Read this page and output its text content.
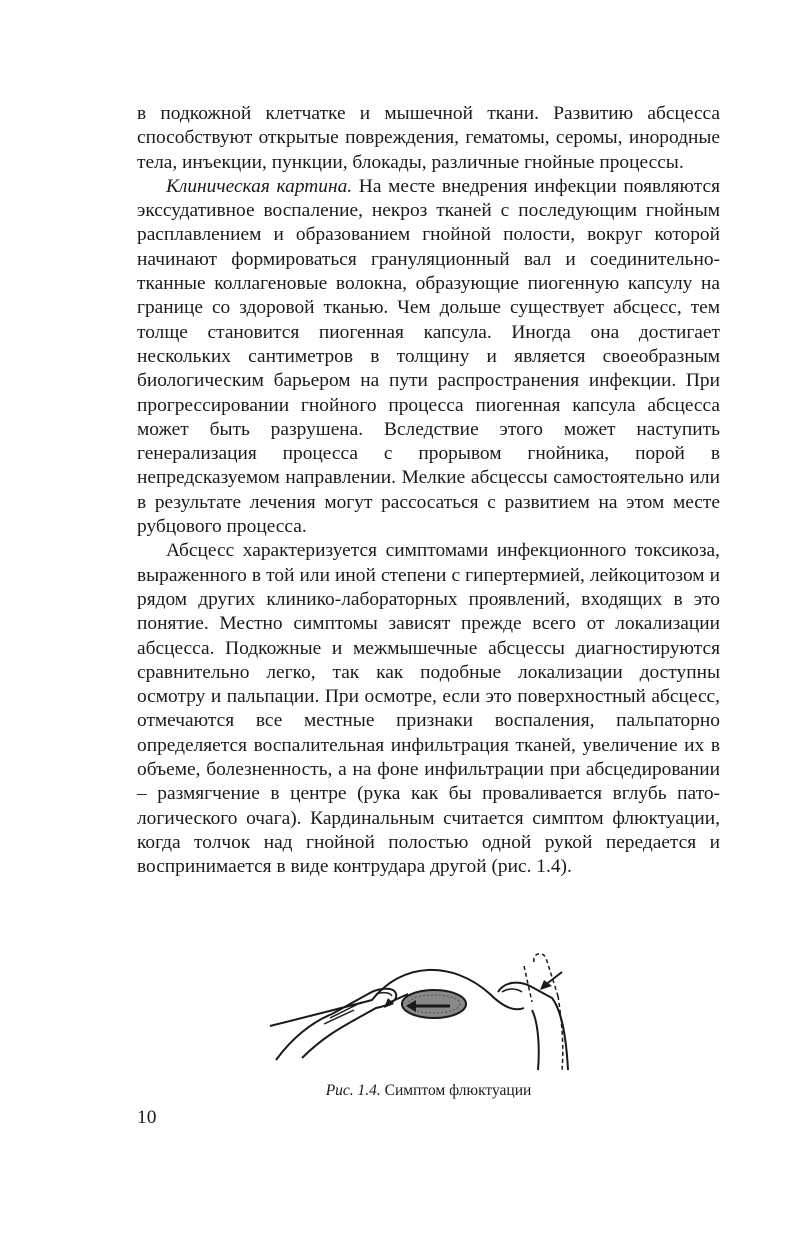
в подкожной клетчатке и мышечной ткани. Развитию абсцесса способствуют открытые повреждения, гематомы, серомы, инородные тела, инъекции, пункции, блокады, различные гнойные процессы.

Клиническая картина. На месте внедрения инфекции появляются экссудативное воспаление, некроз тканей с последующим гнойным расплавлением и образованием гнойной полости, вокруг которой начинают формироваться грануляционный вал и соединительно-тканные коллагеновые волокна, образующие пиогенную капсулу на границе со здоровой тканью. Чем дольше существует абсцесс, тем толще становится пиогенная капсула. Иногда она достигает нескольких сантиметров в толщину и является своеобразным биологическим барьером на пути распространения инфекции. При прогрессировании гнойного процесса пиогенная капсула абсцесса может быть разрушена. Вследствие этого может наступить генерализация процесса с прорывом гнойника, порой в непредсказуемом направлении. Мелкие абсцессы самостоятельно или в результате лечения могут рассосаться с развитием на этом месте рубцового процесса.

Абсцесс характеризуется симптомами инфекционного токсикоза, выраженного в той или иной степени с гипертермией, лейкоцитозом и рядом других клинико-лабораторных проявлений, входящих в это понятие. Местно симптомы зависят прежде всего от локализации абсцесса. Подкожные и межмышечные абсцессы диагностируются сравнительно легко, так как подобные локализации доступны осмотру и пальпации. При осмотре, если это поверхностный абсцесс, отмечаются все местные признаки воспаления, пальпаторно определяется воспалительная инфильтрация тканей, увеличение их в объеме, болезненность, а на фоне инфильтрации при абсцедировании – размягчение в центре (рука как бы проваливается вглубь патологического очага). Кардинальным считается симптом флюктуации, когда толчок над гнойной полостью одной рукой передается и воспринимается в виде контрудара другой (рис. 1.4).

Рис. 1.4. Симптом флюктуации
10
